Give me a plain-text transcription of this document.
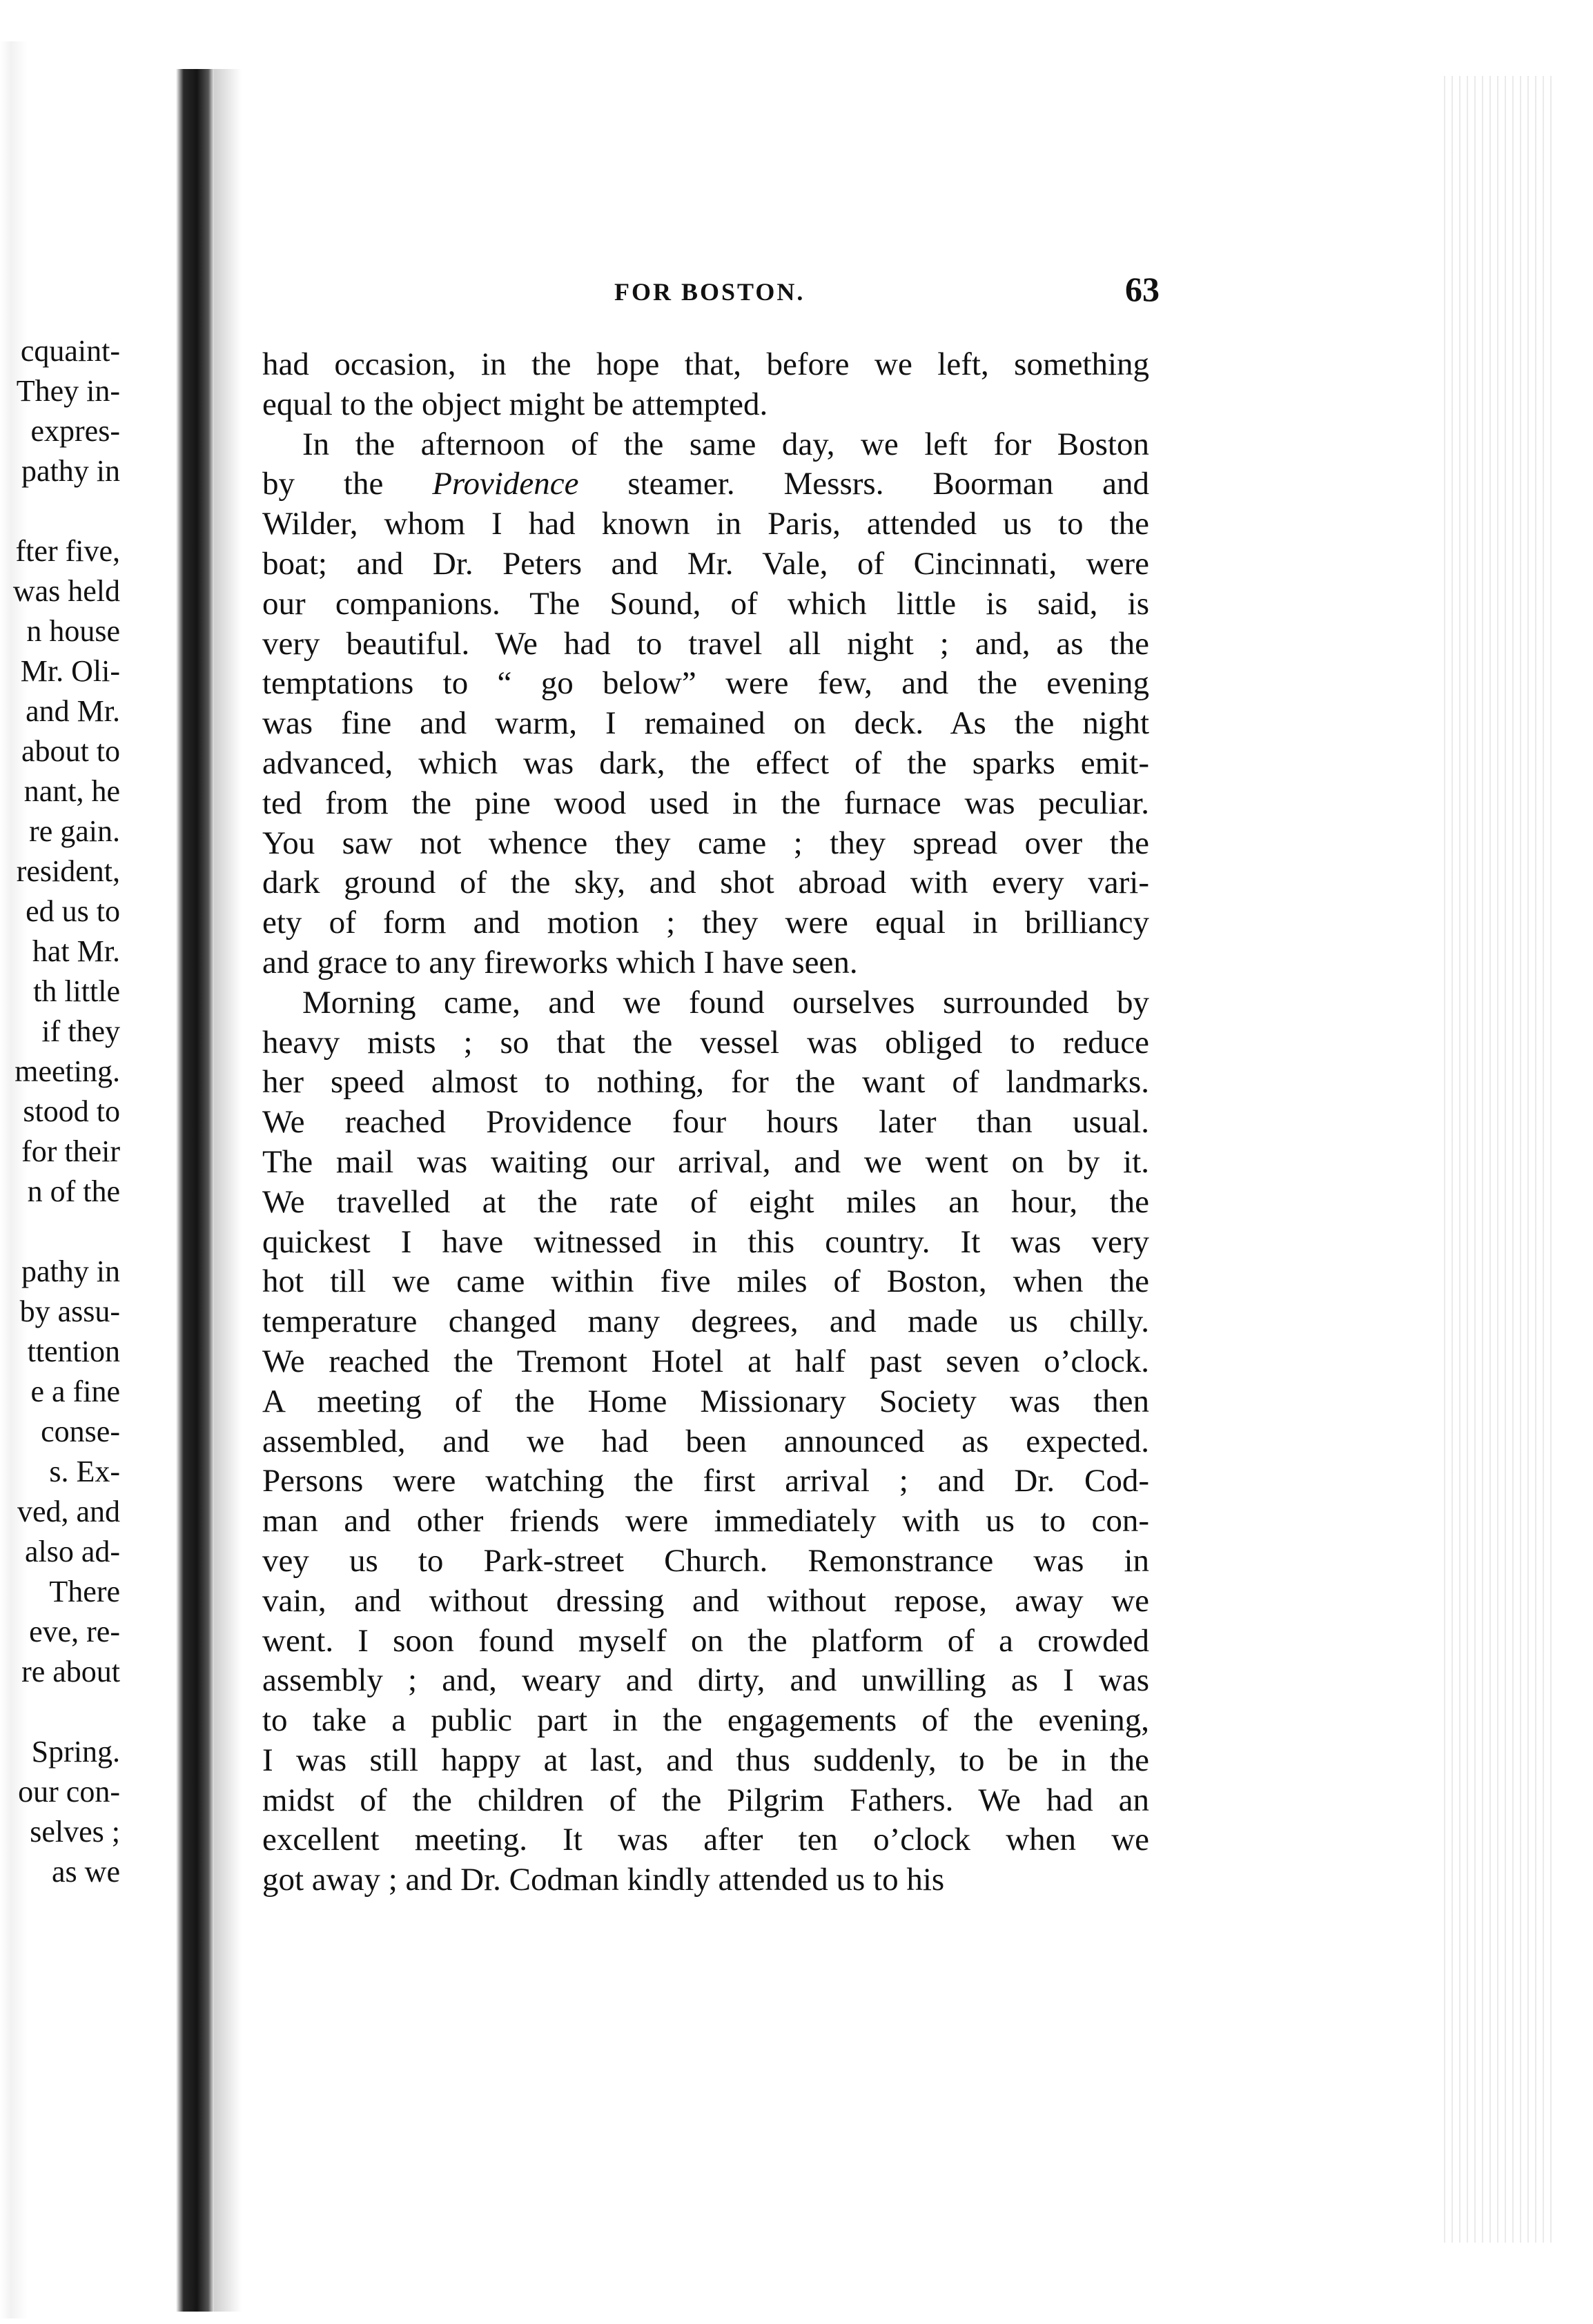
cquaint-
They in-
expres-
pathy in
fter five,
was held
n house
Mr. Oli-
and Mr.
about to
nant, he
re gain.
resident,
ed us to
hat Mr.
th little
if they
meeting.
stood to
for their
n of the
pathy in
by assu-
ttention
e a fine
conse-
s. Ex-
ved, and
also ad-
There
eve, re-
re about
Spring.
our con-
selves ;
as we
FOR BOSTON.	63
had occasion, in the hope that, before we left, something
equal to the object might be attempted.
In the afternoon of the same day, we left for Boston
by the Providence steamer. Messrs. Boorman and
Wilder, whom I had known in Paris, attended us to the
boat; and Dr. Peters and Mr. Vale, of Cincinnati, were
our companions. The Sound, of which little is said, is
very beautiful. We had to travel all night ; and, as the
temptations to “ go below” were few, and the evening
was fine and warm, I remained on deck. As the night
advanced, which was dark, the effect of the sparks emit-
ted from the pine wood used in the furnace was peculiar.
You saw not whence they came ; they spread over the
dark ground of the sky, and shot abroad with every vari-
ety of form and motion ; they were equal in brilliancy
and grace to any fireworks which I have seen.
Morning came, and we found ourselves surrounded by
heavy mists ; so that the vessel was obliged to reduce
her speed almost to nothing, for the want of landmarks.
We reached Providence four hours later than usual.
The mail was waiting our arrival, and we went on by it.
We travelled at the rate of eight miles an hour, the
quickest I have witnessed in this country. It was very
hot till we came within five miles of Boston, when the
temperature changed many degrees, and made us chilly.
We reached the Tremont Hotel at half past seven o’clock.
A meeting of the Home Missionary Society was then
assembled, and we had been announced as expected.
Persons were watching the first arrival ; and Dr. Cod-
man and other friends were immediately with us to con-
vey us to Park-street Church. Remonstrance was in
vain, and without dressing and without repose, away we
went. I soon found myself on the platform of a crowded
assembly ; and, weary and dirty, and unwilling as I was
to take a public part in the engagements of the evening,
I was still happy at last, and thus suddenly, to be in the
midst of the children of the Pilgrim Fathers. We had an
excellent meeting. It was after ten o’clock when we
got away ; and Dr. Codman kindly attended us to his
